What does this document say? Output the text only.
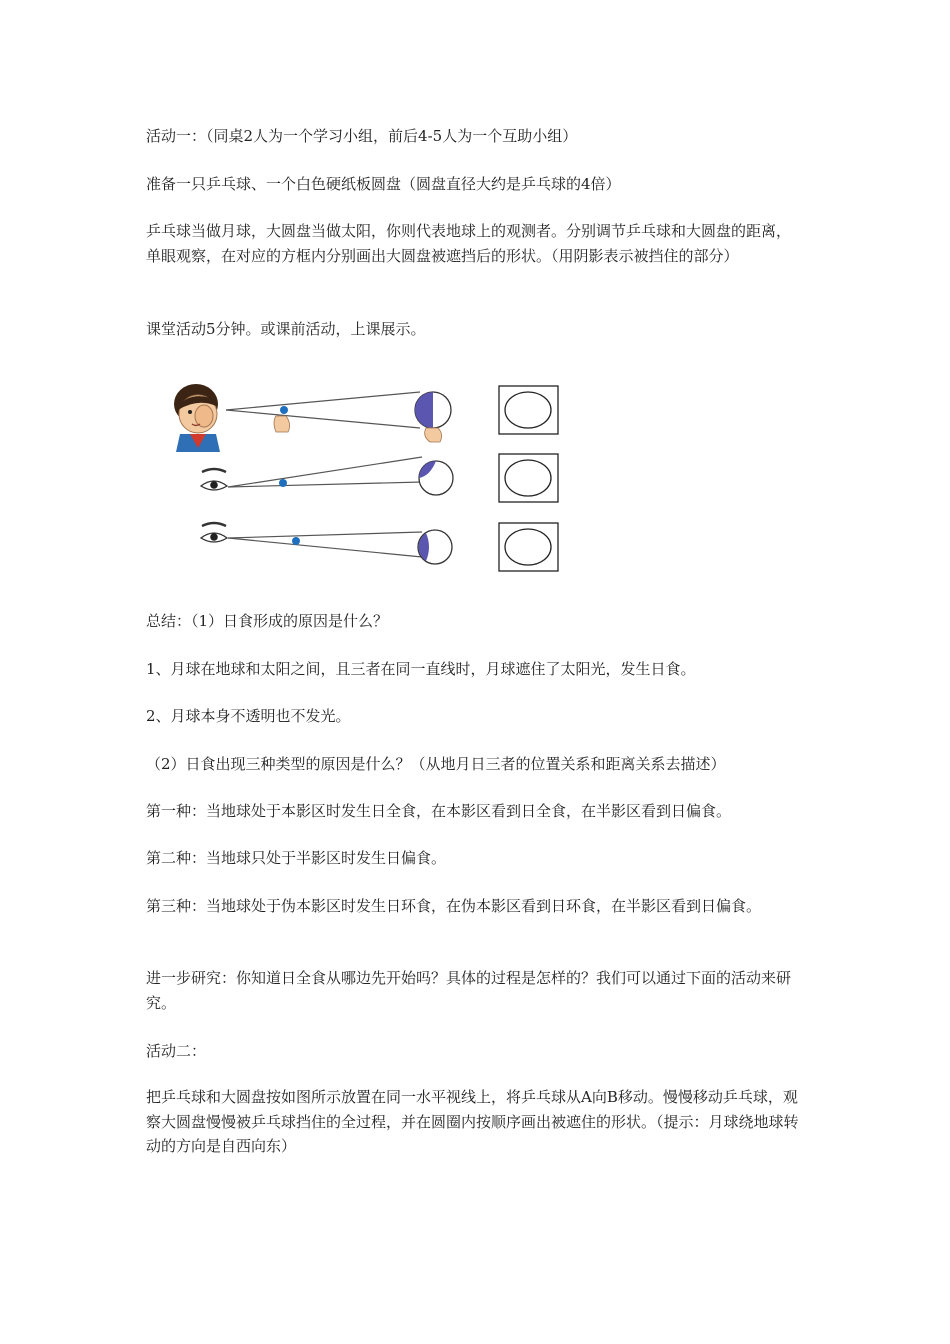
活动一：（同桌2人为一个学习小组，前后4-5人为一个互助小组）

准备一只乒乓球、一个白色硬纸板圆盘（圆盘直径大约是乒乓球的4倍）

乒乓球当做月球，大圆盘当做太阳，你则代表地球上的观测者。分别调节乒乓球和大圆盘的距离，单眼观察，在对应的方框内分别画出大圆盘被遮挡后的形状。（用阴影表示被挡住的部分）

课堂活动5分钟。或课前活动，上课展示。

总结：（1）日食形成的原因是什么？

1、月球在地球和太阳之间，且三者在同一直线时，月球遮住了太阳光，发生日食。

2、月球本身不透明也不发光。

（2）日食出现三种类型的原因是什么？（从地月日三者的位置关系和距离关系去描述）

第一种：当地球处于本影区时发生日全食，在本影区看到日全食，在半影区看到日偏食。

第二种：当地球只处于半影区时发生日偏食。

第三种：当地球处于伪本影区时发生日环食，在伪本影区看到日环食，在半影区看到日偏食。

进一步研究：你知道日全食从哪边先开始吗？具体的过程是怎样的？我们可以通过下面的活动来研究。

活动二：

把乒乓球和大圆盘按如图所示放置在同一水平视线上，将乒乓球从A向B移动。慢慢移动乒乓球，观察大圆盘慢慢被乒乓球挡住的全过程，并在圆圈内按顺序画出被遮住的形状。（提示：月球绕地球转动的方向是自西向东）
